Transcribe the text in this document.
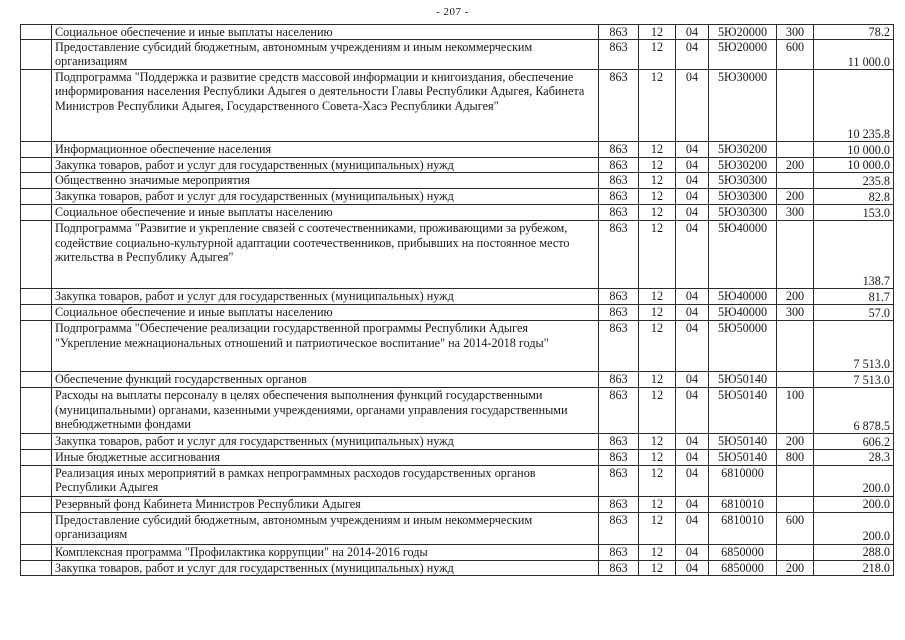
- 207 -
	Социальное обеспечение и иные выплаты населению	863	12	04	5Ю20000	300	78.2
	Предоставление субсидий бюджетным, автономным учреждениям и иным некоммерческим организациям	863	12	04	5Ю20000	600	11 000.0
	Подпрограмма "Поддержка и развитие средств массовой информации и книгоиздания, обеспечение информирования населения Республики Адыгея о деятельности Главы Республики Адыгея, Кабинета Министров Республики Адыгея, Государственного Совета-Хасэ Республики Адыгея"	863	12	04	5Ю30000		10 235.8
	Информационное обеспечение населения	863	12	04	5Ю30200		10 000.0
	Закупка товаров, работ и услуг для государственных (муниципальных) нужд	863	12	04	5Ю30200	200	10 000.0
	Общественно значимые мероприятия	863	12	04	5Ю30300		235.8
	Закупка товаров, работ и услуг для государственных (муниципальных) нужд	863	12	04	5Ю30300	200	82.8
	Социальное обеспечение и иные выплаты населению	863	12	04	5Ю30300	300	153.0
	Подпрограмма "Развитие и укрепление связей с соотечественниками, проживающими за рубежом, содействие социально-культурной адаптации соотечественников, прибывших на постоянное место жительства в Республику Адыгея"	863	12	04	5Ю40000		138.7
	Закупка товаров, работ и услуг для государственных (муниципальных) нужд	863	12	04	5Ю40000	200	81.7
	Социальное обеспечение и иные выплаты населению	863	12	04	5Ю40000	300	57.0
	Подпрограмма "Обеспечение реализации государственной программы Республики Адыгея "Укрепление межнациональных отношений и патриотическое воспитание" на 2014-2018 годы"	863	12	04	5Ю50000		7 513.0
	Обеспечение функций государственных органов	863	12	04	5Ю50140		7 513.0
	Расходы на выплаты персоналу в целях обеспечения выполнения функций государственными (муниципальными) органами, казенными учреждениями, органами управления государственными внебюджетными фондами	863	12	04	5Ю50140	100	6 878.5
	Закупка товаров, работ и услуг для государственных (муниципальных) нужд	863	12	04	5Ю50140	200	606.2
	Иные бюджетные ассигнования	863	12	04	5Ю50140	800	28.3
	Реализация иных мероприятий в рамках непрограммных расходов государственных органов Республики Адыгея	863	12	04	6810000		200.0
	Резервный фонд Кабинета Министров Республики Адыгея	863	12	04	6810010		200.0
	Предоставление субсидий бюджетным, автономным учреждениям и иным некоммерческим организациям	863	12	04	6810010	600	200.0
	Комплексная программа "Профилактика коррупции" на 2014-2016 годы	863	12	04	6850000		288.0
	Закупка товаров, работ и услуг для государственных (муниципальных) нужд	863	12	04	6850000	200	218.0
